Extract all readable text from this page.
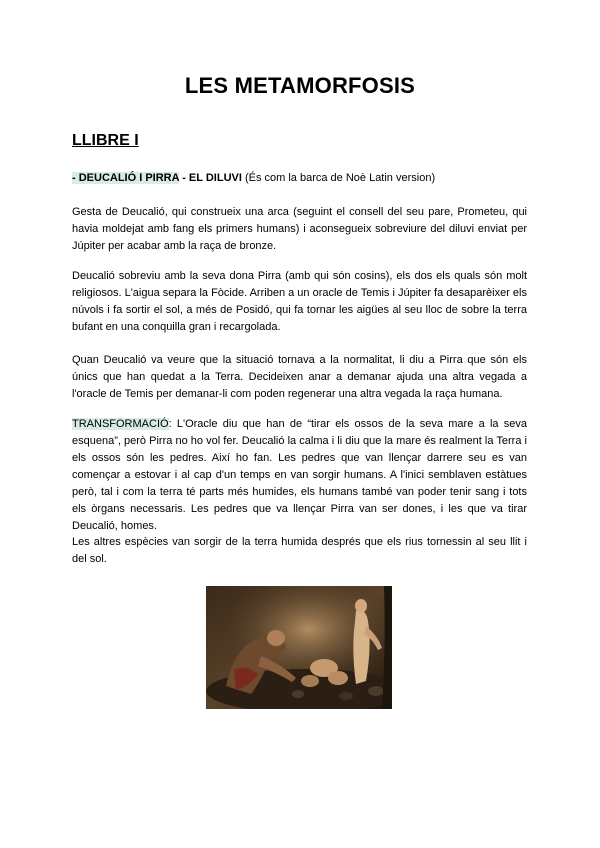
LES METAMORFOSIS
LLIBRE I
- DEUCALIÓ I PIRRA - EL DILUVI (És com la barca de Noè Latin version)
Gesta de Deucalió, qui construeix una arca (seguint el consell del seu pare, Prometeu, qui havia moldejat amb fang els primers humans) i aconsegueix sobreviure del diluvi enviat per Júpiter per acabar amb la raça de bronze.
Deucalió sobreviu amb la seva dona Pirra (amb qui són cosins), els dos els quals són molt religiosos. L'aigua separa la Fòcide. Arriben a un oracle de Temis i Júpiter fa desaparèixer els núvols i fa sortir el sol, a més de Posidó, qui fa tornar les aigües al seu lloc de sobre la terra bufant en una conquilla gran i recargolada.
Quan Deucalió va veure que la situació tornava a la normalitat, li diu a Pirra que són els únics que han quedat a la Terra. Decideixen anar a demanar ajuda una altra vegada a l'oracle de Temis per demanar-li com poden regenerar una altra vegada la raça humana.
TRANSFORMACIÓ: L'Oracle diu que han de “tirar els ossos de la seva mare a la seva esquena”, però Pirra no ho vol fer. Deucalió la calma i li diu que la mare és realment la Terra i els ossos són les pedres. Així ho fan. Les pedres que van llençar darrere seu es van començar a estovar i al cap d'un temps en van sorgir humans. A l'inici semblaven estàtues però, tal i com la terra té parts més humides, els humans també van poder tenir sang i tots els òrgans necessaris. Les pedres que va llençar Pirra van ser dones, i les que va tirar Deucalió, homes.
Les altres espècies van sorgir de la terra humida després que els rius tornessin al seu llit i del sol.
